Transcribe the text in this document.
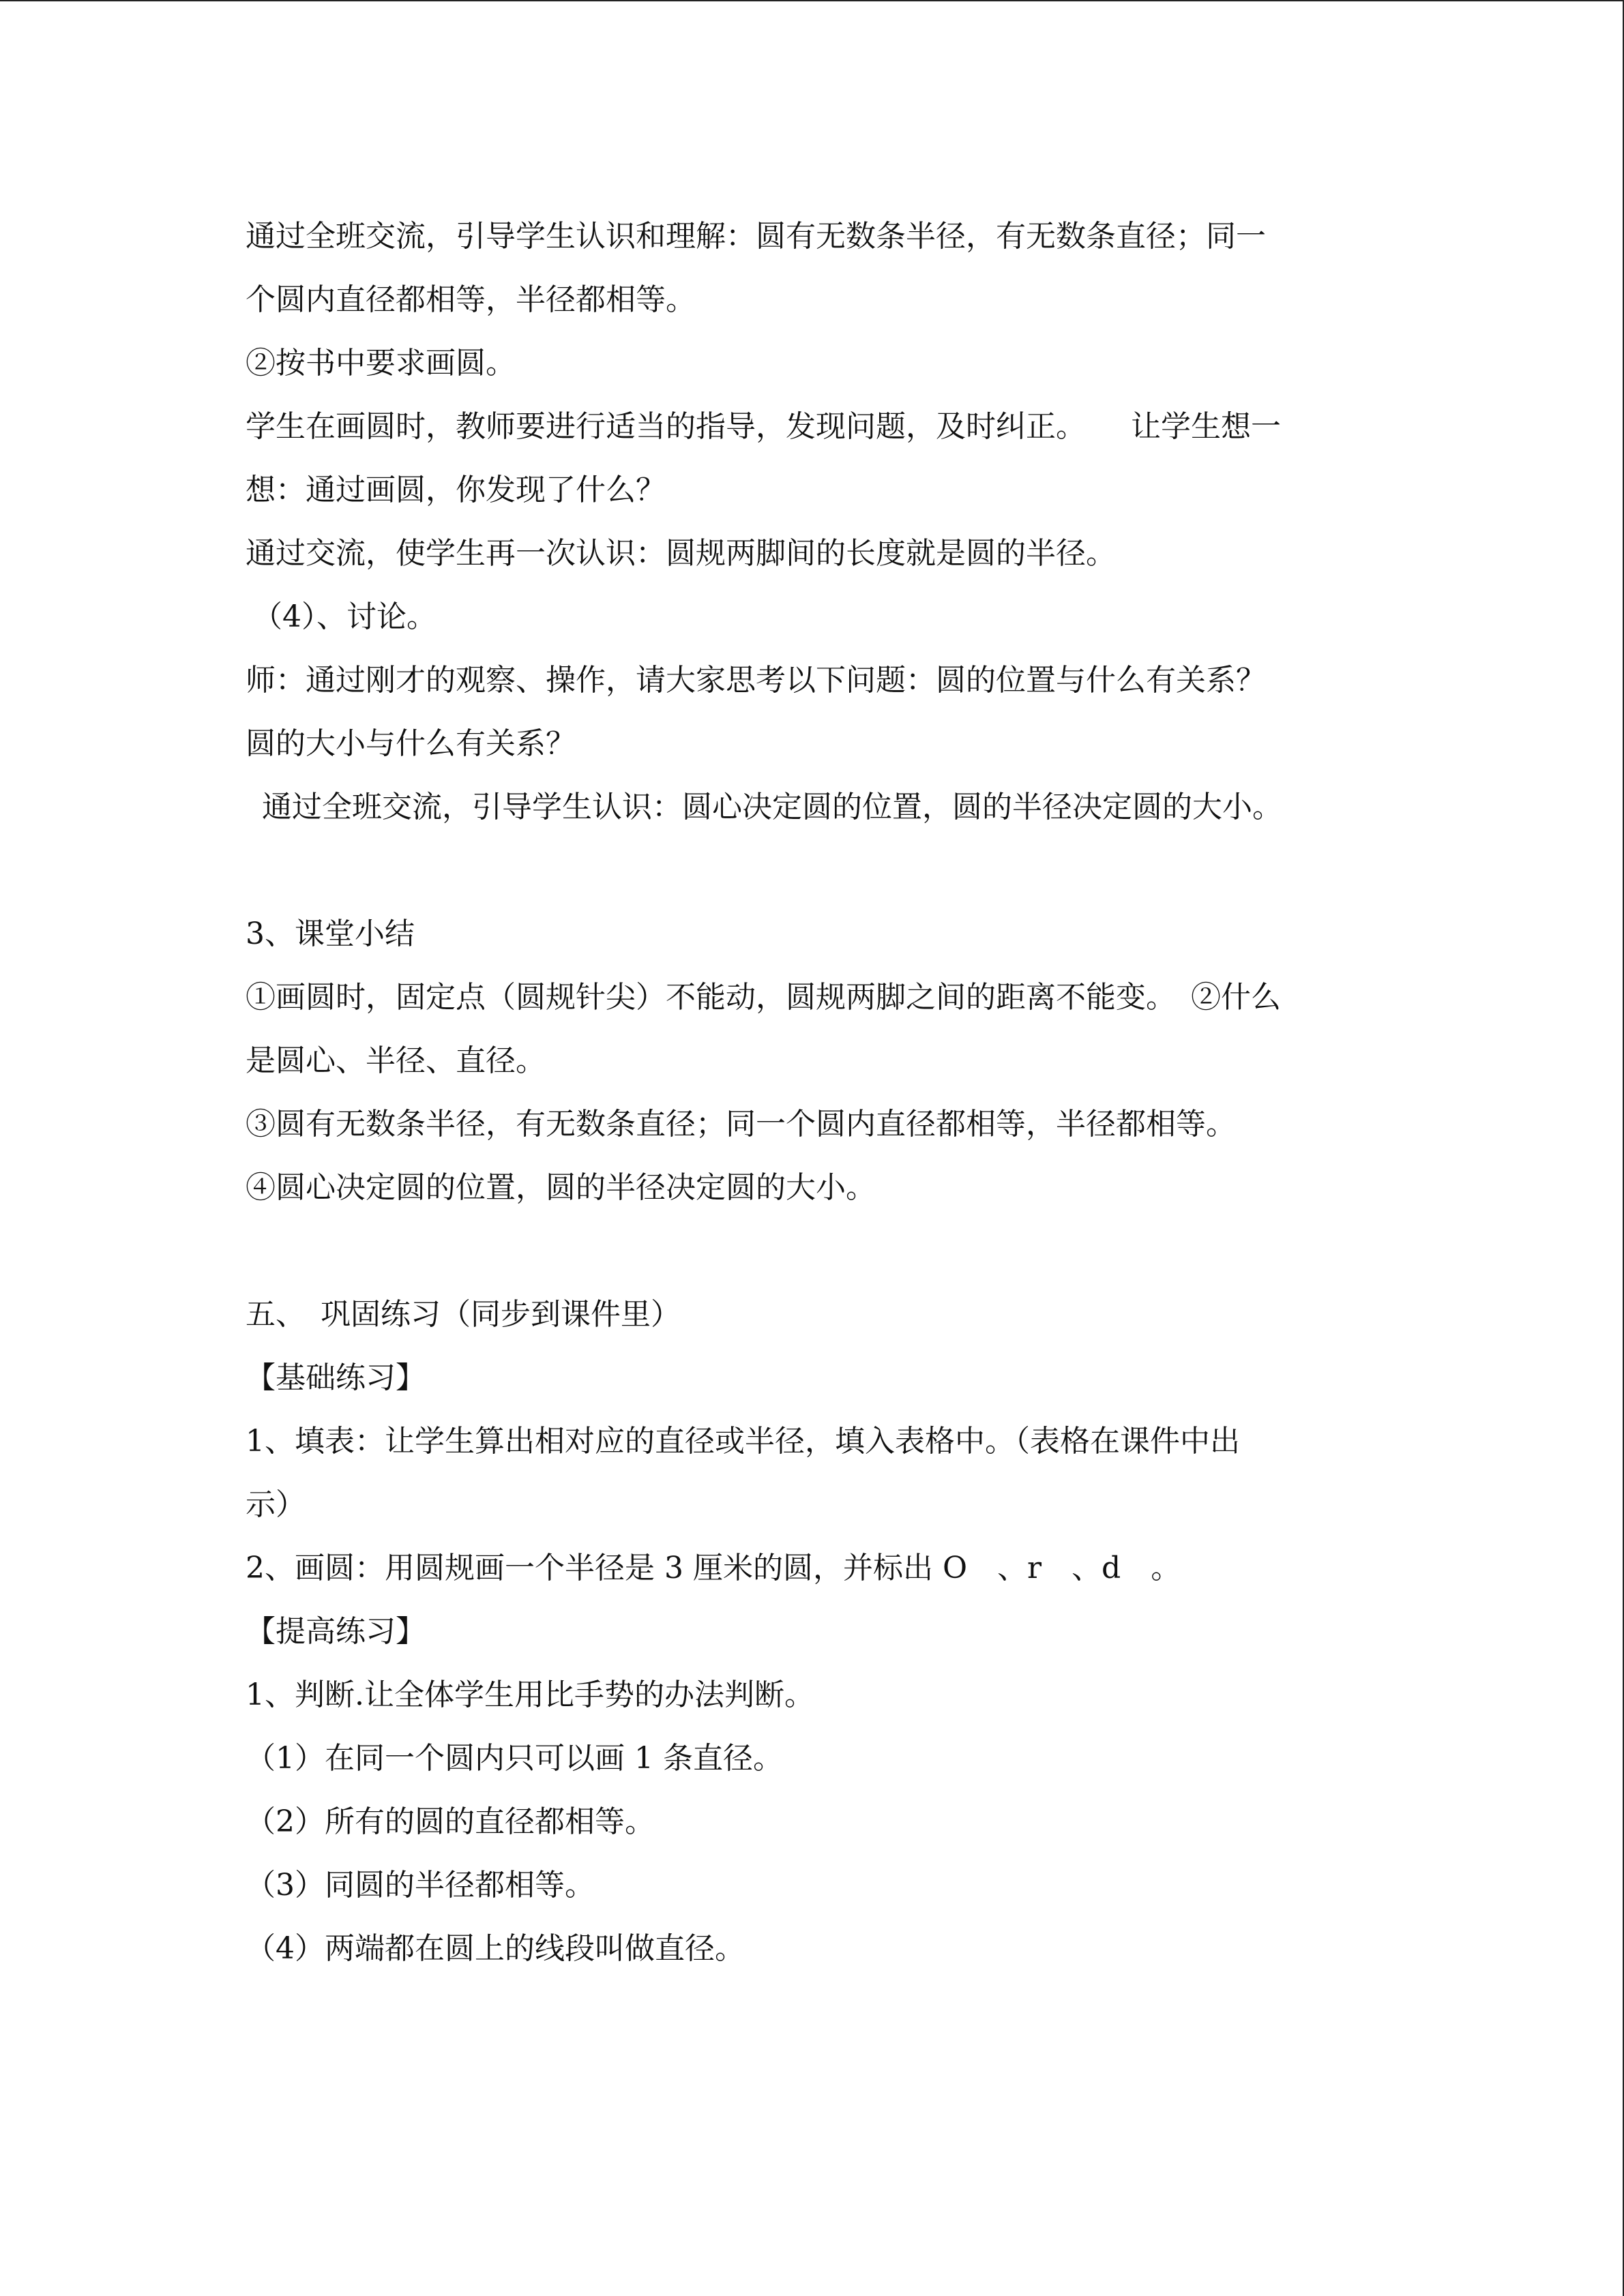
通过全班交流，引导学生认识和理解：圆有无数条半径，有无数条直径；同一
个圆内直径都相等，半径都相等。
②按书中要求画圆。
学生在画圆时，教师要进行适当的指导，发现问题，及时纠正。　　让学生想一
想：通过画圆，你发现了什么？
通过交流，使学生再一次认识：圆规两脚间的长度就是圆的半径。
（4）、讨论。
师：通过刚才的观察、操作，请大家思考以下问题：圆的位置与什么有关系？
圆的大小与什么有关系？
通过全班交流，引导学生认识：圆心决定圆的位置，圆的半径决定圆的大小。
3、课堂小结
①画圆时，固定点（圆规针尖）不能动，圆规两脚之间的距离不能变。　②什么
是圆心、半径、直径。
③圆有无数条半径，有无数条直径；同一个圆内直径都相等，半径都相等。
④圆心决定圆的位置，圆的半径决定圆的大小。
五、　巩固练习（同步到课件里）
【基础练习】
1、填表：让学生算出相对应的直径或半径，填入表格中。（表格在课件中出
示）
2、画圆：用圆规画一个半径是 3 厘米的圆，并标出 O　、r　、d　。
【提高练习】
1、判断.让全体学生用比手势的办法判断。
（1）在同一个圆内只可以画 1 条直径。
（2）所有的圆的直径都相等。
（3）同圆的半径都相等。
（4）两端都在圆上的线段叫做直径。
